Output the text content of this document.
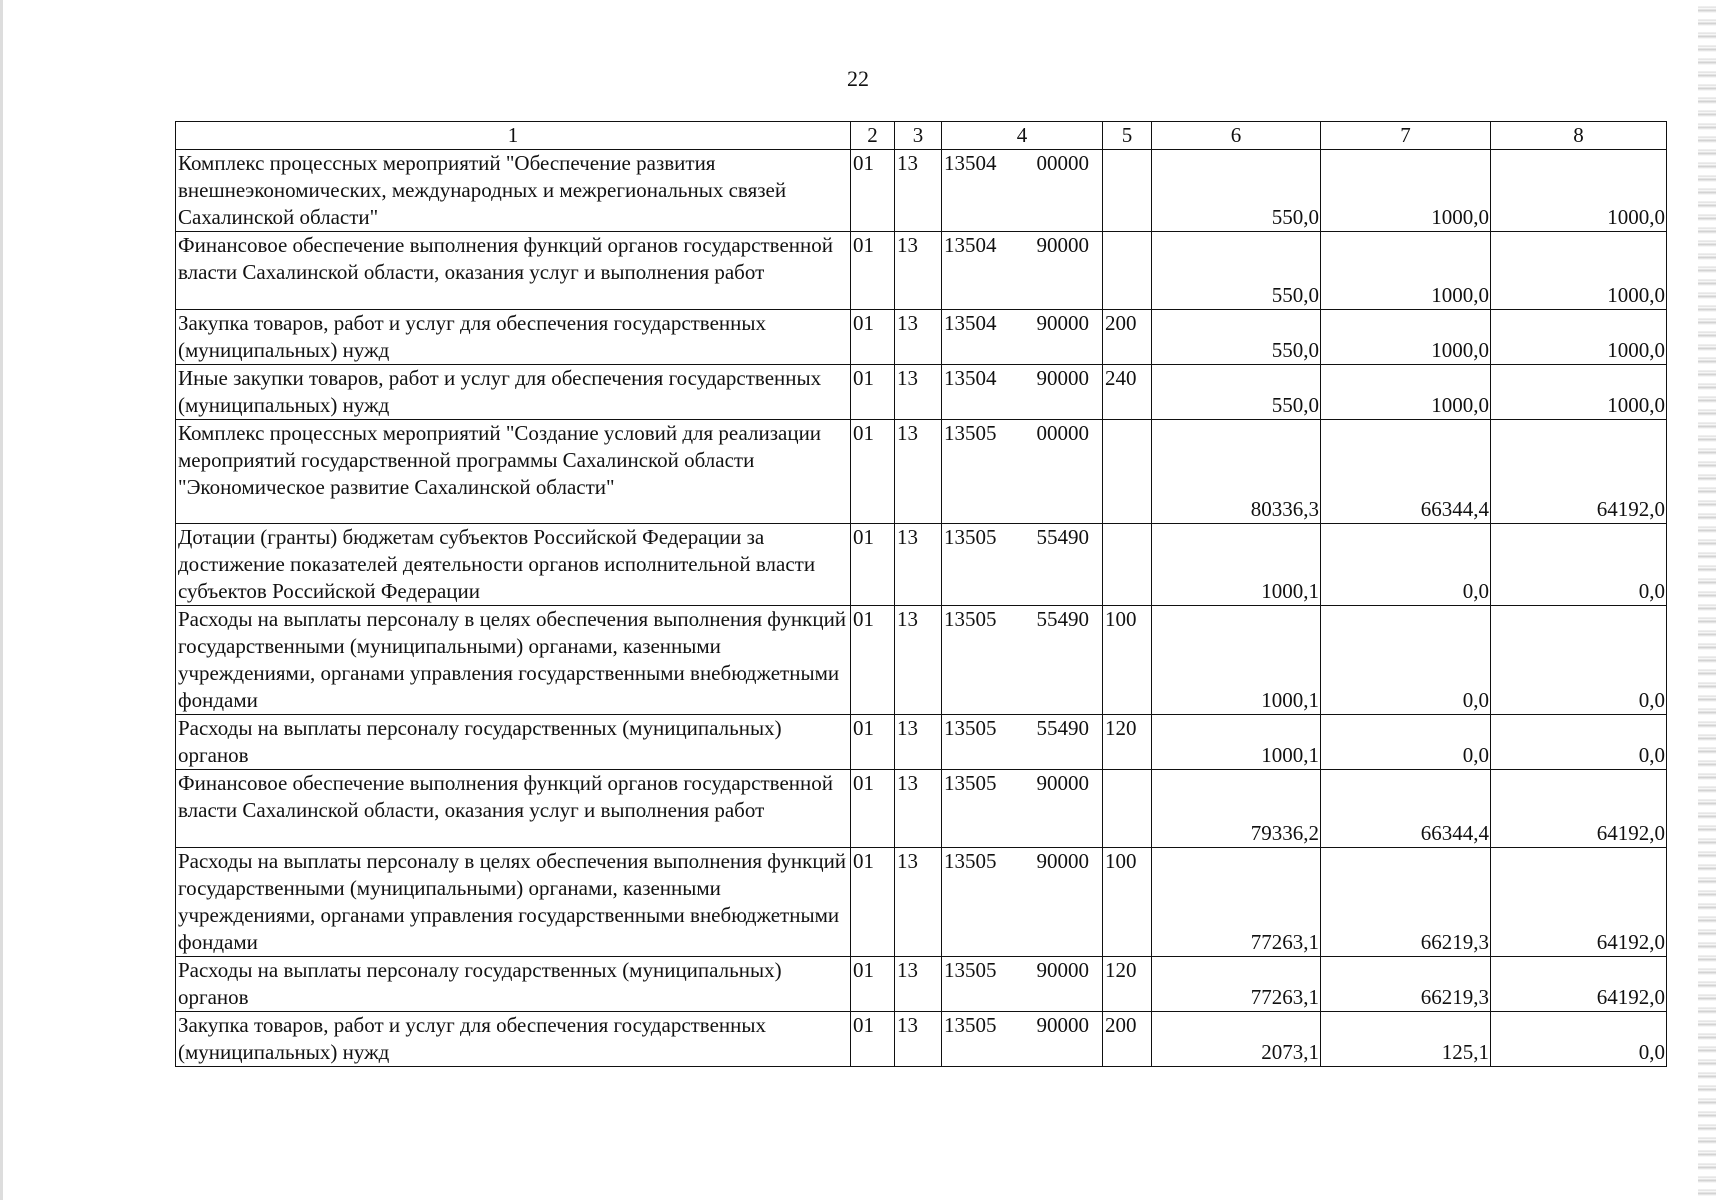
22
1	2	3	4	5	6	7	8
Комплекс процессных мероприятий "Обеспечение развития внешнеэкономических, международных и межрегиональных связей Сахалинской области"	01	13	13504 00000		550,0	1000,0	1000,0
Финансовое обеспечение выполнения функций органов государственной власти Сахалинской области, оказания услуг и выполнения работ	01	13	13504 90000		550,0	1000,0	1000,0
Закупка товаров, работ и услуг для обеспечения государственных (муниципальных) нужд	01	13	13504 90000	200	550,0	1000,0	1000,0
Иные закупки товаров, работ и услуг для обеспечения государственных (муниципальных) нужд	01	13	13504 90000	240	550,0	1000,0	1000,0
Комплекс процессных мероприятий "Создание условий для реализации мероприятий государственной программы Сахалинской области "Экономическое развитие Сахалинской области"	01	13	13505 00000		80336,3	66344,4	64192,0
Дотации (гранты) бюджетам субъектов Российской Федерации за достижение показателей деятельности органов исполнительной власти субъектов Российской Федерации	01	13	13505 55490		1000,1	0,0	0,0
Расходы на выплаты персоналу в целях обеспечения выполнения функций государственными (муниципальными) органами, казенными учреждениями, органами управления государственными внебюджетными фондами	01	13	13505 55490	100	1000,1	0,0	0,0
Расходы на выплаты персоналу государственных (муниципальных) органов	01	13	13505 55490	120	1000,1	0,0	0,0
Финансовое обеспечение выполнения функций органов государственной власти Сахалинской области, оказания услуг и выполнения работ	01	13	13505 90000		79336,2	66344,4	64192,0
Расходы на выплаты персоналу в целях обеспечения выполнения функций государственными (муниципальными) органами, казенными учреждениями, органами управления государственными внебюджетными фондами	01	13	13505 90000	100	77263,1	66219,3	64192,0
Расходы на выплаты персоналу государственных (муниципальных) органов	01	13	13505 90000	120	77263,1	66219,3	64192,0
Закупка товаров, работ и услуг для обеспечения государственных (муниципальных) нужд	01	13	13505 90000	200	2073,1	125,1	0,0
